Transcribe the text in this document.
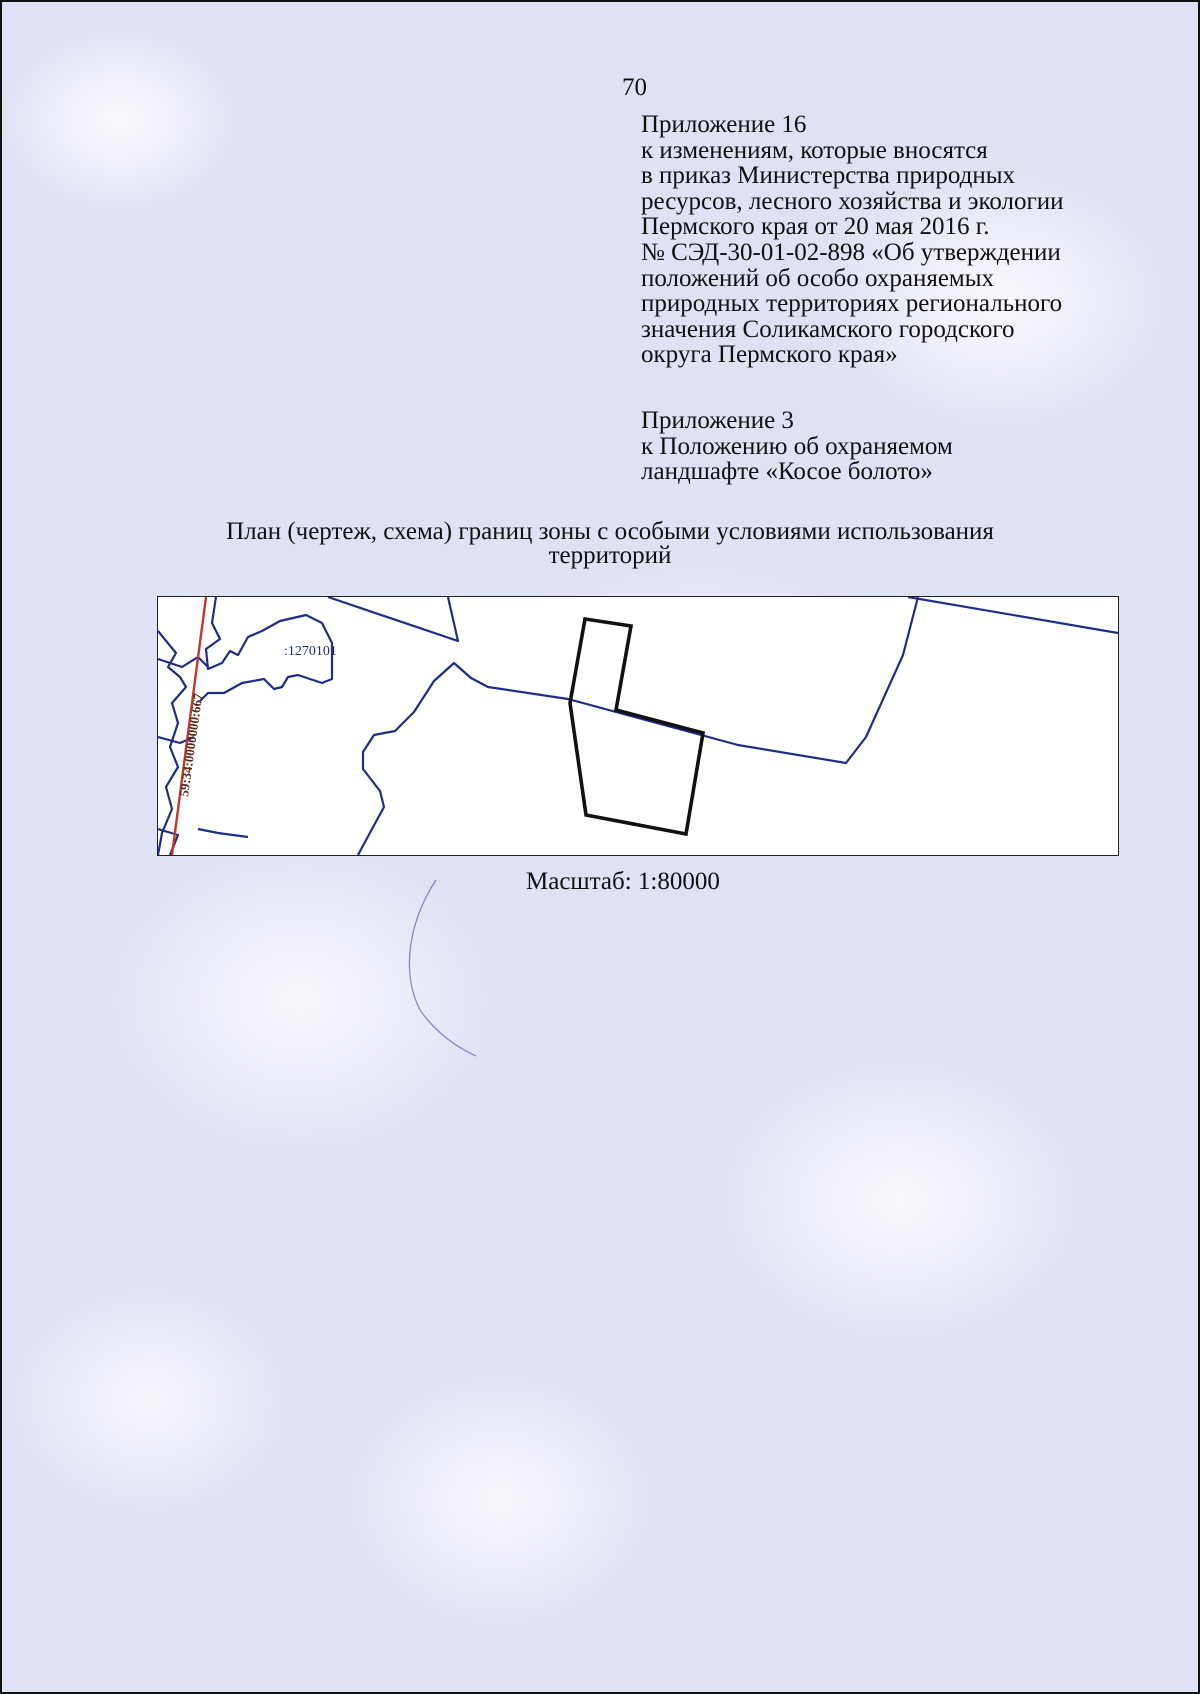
70
Приложение 16
к изменениям, которые вносятся
в приказ Министерства природных
ресурсов, лесного хозяйства и экологии
Пермского края от 20 мая 2016 г.
№ СЭД-30-01-02-898 «Об утверждении
положений об особо охраняемых
природных территориях регионального
значения Соликамского городского
округа Пермского края»
Приложение 3
к Положению об охраняемом
ландшафте «Косое болото»
План (чертеж, схема) границ зоны с особыми условиями использования
территорий
:1270101
59:34:0000000:667
Масштаб: 1:80000
